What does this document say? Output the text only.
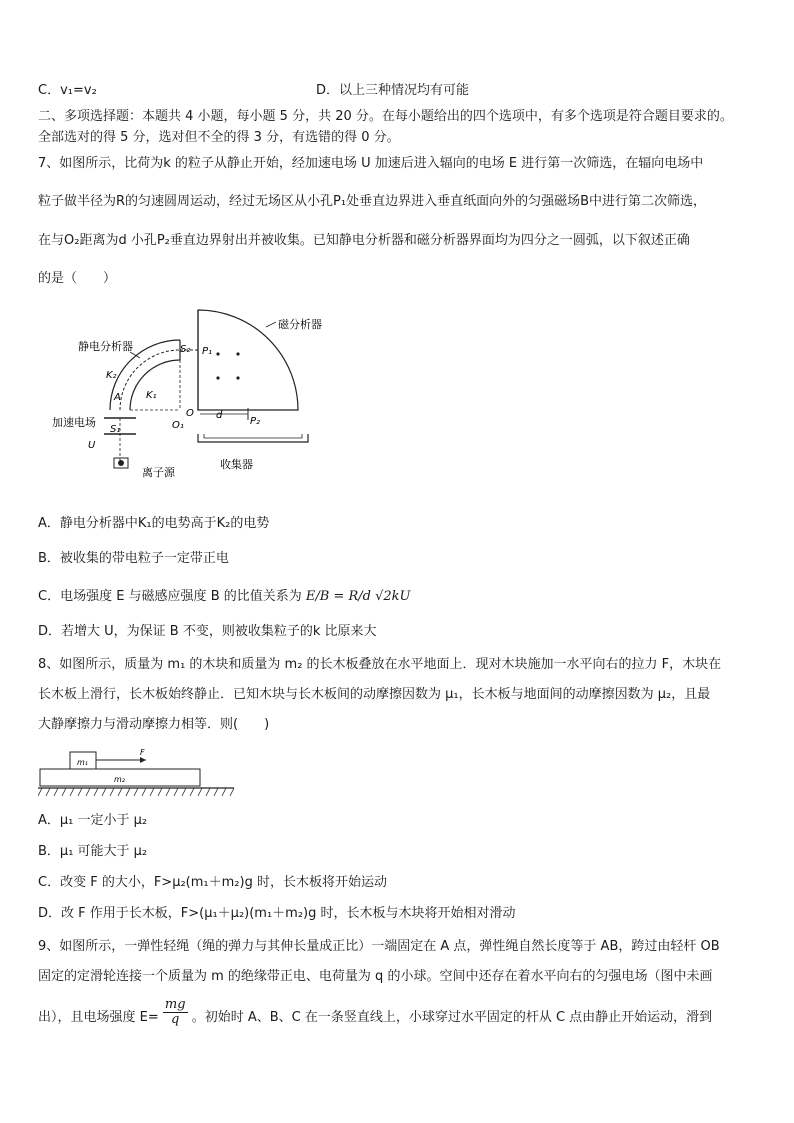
C．v₁=v₂	D．以上三种情况均有可能
二、多项选择题：本题共 4 小题，每小题 5 分，共 20 分。在每小题给出的四个选项中，有多个选项是符合题目要求的。
全部选对的得 5 分，选对但不全的得 3 分，有选错的得 0 分。
7、如图所示，比荷为k 的粒子从静止开始，经加速电场 U 加速后进入辐向的电场 E 进行第一次筛选，在辐向电场中
粒子做半径为R的匀速圆周运动，经过无场区从小孔P₁处垂直边界进入垂直纸面向外的匀强磁场B中进行第二次筛选，
在与O₂距离为d 小孔P₂垂直边界射出并被收集。已知静电分析器和磁分析器界面均为四分之一圆弧，以下叙述正确
的是（　　）
磁分析器
P₁
S₂
静电分析器
K₂
A	K₁
O₁
O d
P₂
收集器
S₁
加速电场
U
离子源
A．静电分析器中K₁的电势高于K₂的电势
B．被收集的带电粒子一定带正电
C．电场强度 E 与磁感应强度 B 的比值关系为 E/B = R/d √2kU
D．若增大 U，为保证 B 不变，则被收集粒子的k 比原来大
8、如图所示，质量为 m₁ 的木块和质量为 m₂ 的长木板叠放在水平地面上．现对木块施加一水平向右的拉力 F，木块在
长木板上滑行，长木板始终静止．已知木块与长木板间的动摩擦因数为 μ₁，长木板与地面间的动摩擦因数为 μ₂，且最
大静摩擦力与滑动摩擦力相等．则(　　)
m₁
F
m₂
A．μ₁ 一定小于 μ₂
B．μ₁ 可能大于 μ₂
C．改变 F 的大小，F>μ₂(m₁＋m₂)g 时，长木板将开始运动
D．改 F 作用于长木板，F>(μ₁＋μ₂)(m₁＋m₂)g 时，长木板与木块将开始相对滑动
9、如图所示，一弹性轻绳（绳的弹力与其伸长量成正比）一端固定在 A 点，弹性绳自然长度等于 AB，跨过由轻杆 OB
固定的定滑轮连接一个质量为 m 的绝缘带正电、电荷量为 q 的小球。空间中还存在着水平向右的匀强电场（图中未画
出），且电场强度 $E= \frac{mg}{q}$ 。初始时 A、B、C 在一条竖直线上，小球穿过水平固定的杆从 C 点由静止开始运动，滑到
